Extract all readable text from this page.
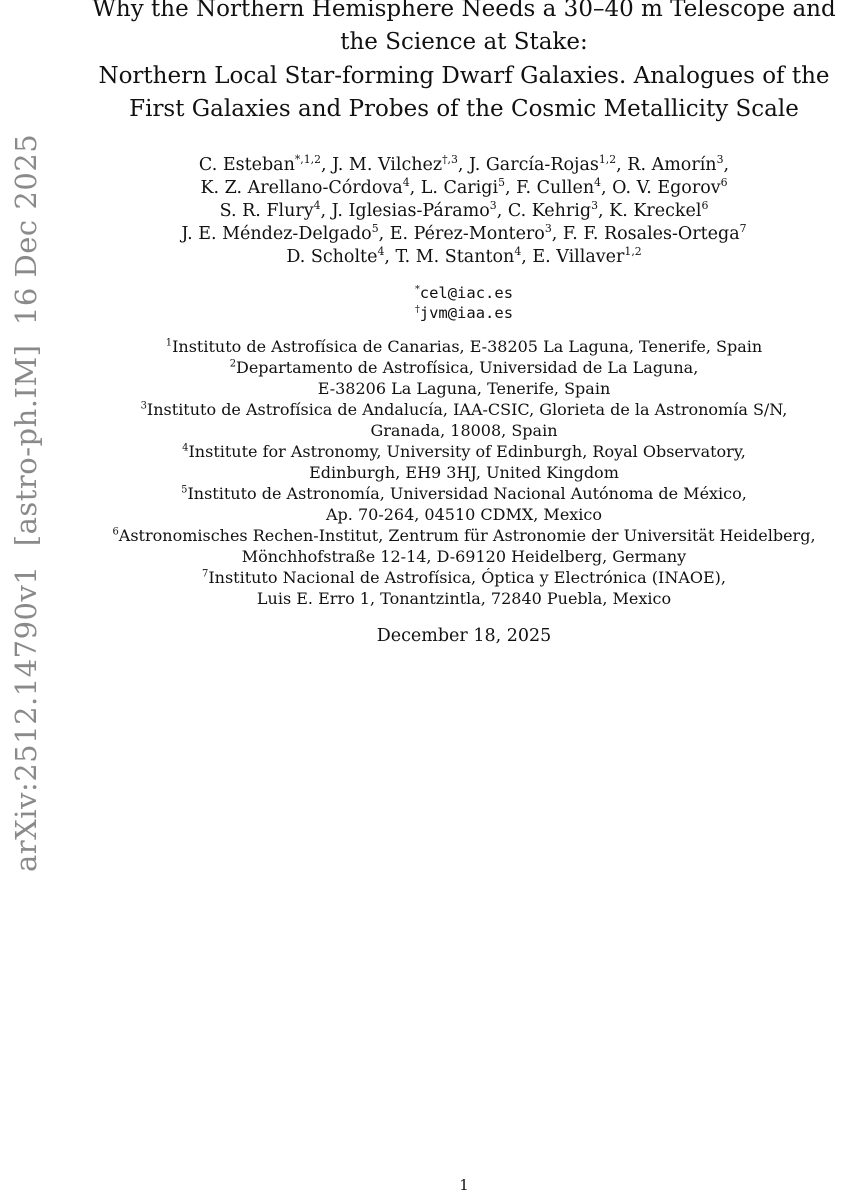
arXiv:2512.14790v1  [astro-ph.IM]  16 Dec 2025
Why the Northern Hemisphere Needs a 30–40 m Telescope and
the Science at Stake:
Northern Local Star-forming Dwarf Galaxies. Analogues of the
First Galaxies and Probes of the Cosmic Metallicity Scale
C. Esteban$^{*,1,2}$, J. M. Vilchez$^{\dagger,3}$, J. García-Rojas$^{1,2}$, R. Amorín$^3$,
K. Z. Arellano-Córdova$^4$, L. Carigi$^5$, F. Cullen$^4$, O. V. Egorov$^6$
S. R. Flury$^4$, J. Iglesias-Páramo$^3$, C. Kehrig$^3$, K. Kreckel$^6$
J. E. Méndez-Delgado$^5$, E. Pérez-Montero$^3$, F. F. Rosales-Ortega$^7$
D. Scholte$^4$, T. M. Stanton$^4$, E. Villaver$^{1,2}$
*cel@iac.es
†jvm@iaa.es
$^1$Instituto de Astrofísica de Canarias, E-38205 La Laguna, Tenerife, Spain
$^2$Departamento de Astrofísica, Universidad de La Laguna,
E-38206 La Laguna, Tenerife, Spain
$^3$Instituto de Astrofísica de Andalucía, IAA-CSIC, Glorieta de la Astronomía S/N,
Granada, 18008, Spain
$^4$Institute for Astronomy, University of Edinburgh, Royal Observatory,
Edinburgh, EH9 3HJ, United Kingdom
$^5$Instituto de Astronomía, Universidad Nacional Autónoma de México,
Ap. 70-264, 04510 CDMX, Mexico
$^6$Astronomisches Rechen-Institut, Zentrum für Astronomie der Universität Heidelberg,
Mönchhofstraße 12-14, D-69120 Heidelberg, Germany
$^7$Instituto Nacional de Astrofísica, Óptica y Electrónica (INAOE),
Luis E. Erro 1, Tonantzintla, 72840 Puebla, Mexico
December 18, 2025
1
